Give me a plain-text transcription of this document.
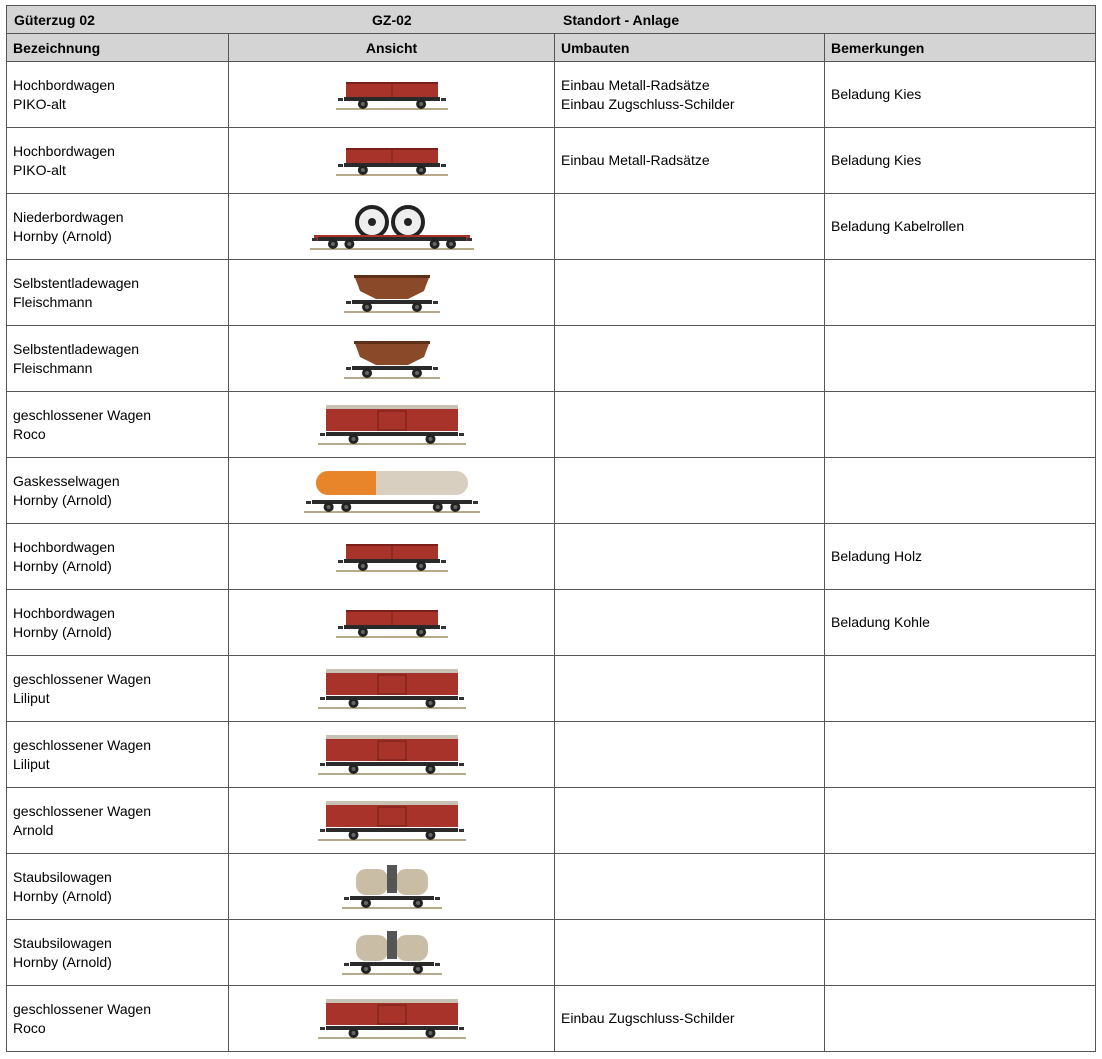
Güterzug 02 GZ-02 Standort - Anlage			

Bezeichnung	Ansicht	Umbauten	Bemerkungen

Hochbordwagen
PIKO-alt		Einbau Metall-Radsätze
Einbau Zugschluss-Schilder	Beladung Kies

Hochbordwagen
PIKO-alt		Einbau Metall-Radsätze	Beladung Kies

Niederbordwagen
Hornby (Arnold)			Beladung Kabelrollen

Selbstentladewagen
Fleischmann

Selbstentladewagen
Fleischmann

geschlossener Wagen
Roco

Gaskesselwagen
Hornby (Arnold)

Hochbordwagen
Hornby (Arnold)			Beladung Holz

Hochbordwagen
Hornby (Arnold)			Beladung Kohle

geschlossener Wagen
Liliput

geschlossener Wagen
Liliput

geschlossener Wagen
Arnold

Staubsilowagen
Hornby (Arnold)

Staubsilowagen
Hornby (Arnold)

geschlossener Wagen
Roco		Einbau Zugschluss-Schilder	
